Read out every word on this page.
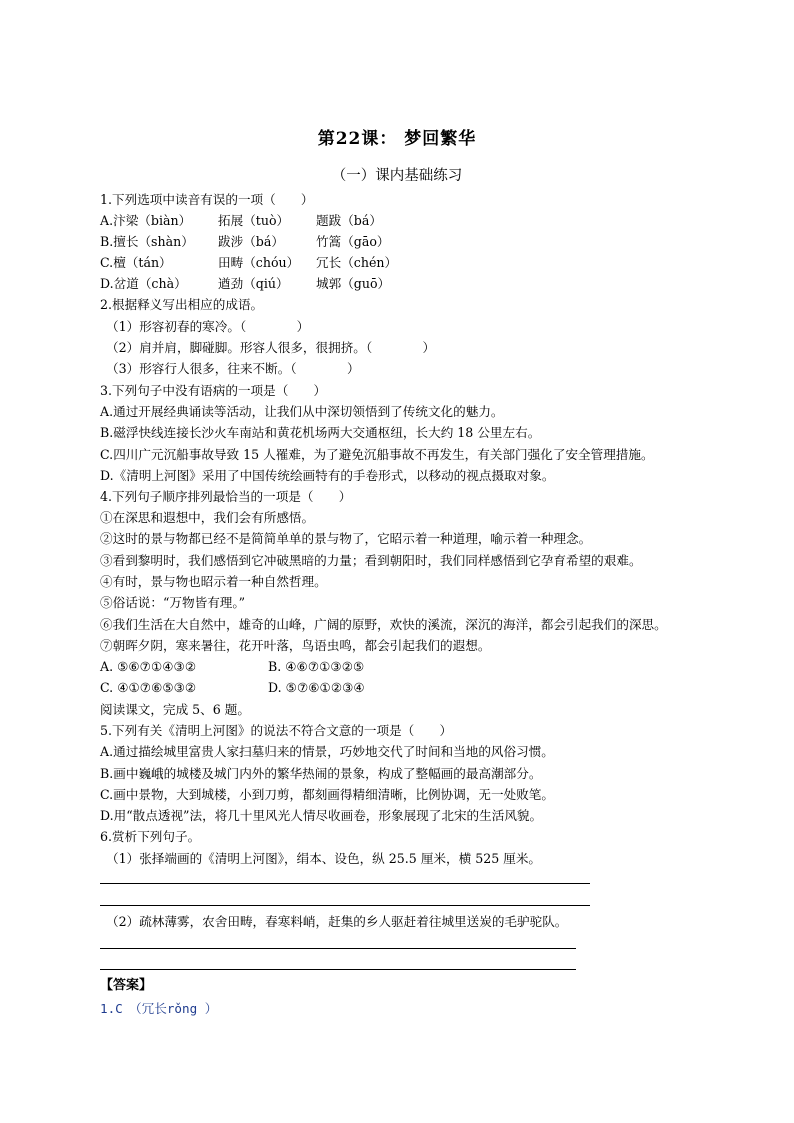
第22课： 梦回繁华
（一）课内基础练习
1.下列选项中读音有误的一项（　　）
A.汴梁（biàn） 拓展（tuò） 题跋（bá）
B.擅长（shàn） 跋涉（bá）	竹篙（gāo）
C.檀（tán）	田畴（chóu） 冗长（chén）
D.岔道（chà） 遒劲（qiú） 城郭（guō）
2.根据释义写出相应的成语。
（1）形容初春的寒冷。（　　　　）
（2）肩并肩，脚碰脚。形容人很多，很拥挤。（　　　　）
（3）形容行人很多，往来不断。（　　　　）
3.下列句子中没有语病的一项是（　　）
A.通过开展经典诵读等活动，让我们从中深切领悟到了传统文化的魅力。
B.磁浮快线连接长沙火车南站和黄花机场两大交通枢纽，长大约 18 公里左右。
C.四川广元沉船事故导致 15 人罹难，为了避免沉船事故不再发生，有关部门强化了安全管理措施。
D.《清明上河图》采用了中国传统绘画特有的手卷形式，以移动的视点摄取对象。
4.下列句子顺序排列最恰当的一项是（　　）
①在深思和遐想中，我们会有所感悟。
②这时的景与物都已经不是简简单单的景与物了，它昭示着一种道理，喻示着一种理念。
③看到黎明时，我们感悟到它冲破黑暗的力量；看到朝阳时，我们同样感悟到它孕育希望的艰难。
④有时，景与物也昭示着一种自然哲理。
⑤俗话说：“万物皆有理。”
⑥我们生活在大自然中，雄奇的山峰，广阔的原野，欢快的溪流，深沉的海洋，都会引起我们的深思。
⑦朝晖夕阴，寒来暑往，花开叶落，鸟语虫鸣，都会引起我们的遐想。
A. ⑤⑥⑦①④③②	B. ④⑥⑦①③②⑤
C. ④①⑦⑥⑤③②	D. ⑤⑦⑥①②③④
阅读课文，完成 5、6 题。
5.下列有关《清明上河图》的说法不符合文意的一项是（　　）
A.通过描绘城里富贵人家扫墓归来的情景，巧妙地交代了时间和当地的风俗习惯。
B.画中巍峨的城楼及城门内外的繁华热闹的景象，构成了整幅画的最高潮部分。
C.画中景物，大到城楼，小到刀剪，都刻画得精细清晰，比例协调，无一处败笔。
D.用“散点透视”法，将几十里风光人情尽收画卷，形象展现了北宋的生活风貌。
6.赏析下列句子。
（1）张择端画的《清明上河图》，绢本、设色，纵 25.5 厘米，横 525 厘米。
（2）疏林薄雾，农舍田畴，春寒料峭，赶集的乡人驱赶着往城里送炭的毛驴驼队。
【答案】
1.C　（冗长rǒng ）
